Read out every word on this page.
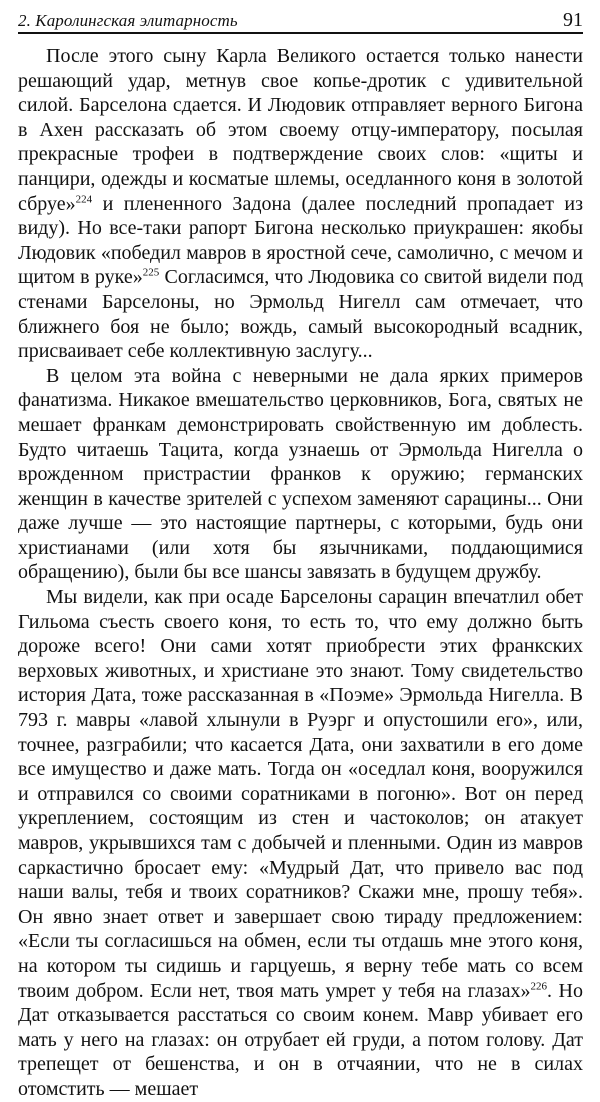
2. Каролингская элитарность	91

После этого сыну Карла Великого остается только нанести решающий удар, метнув свое копье-дротик с удивительной силой. Барселона сдается. И Людовик отправляет верного Бигона в Ахен рассказать об этом своему отцу-императору, посылая прекрасные трофеи в подтверждение своих слов: «щиты и панцири, одежды и косматые шлемы, оседланного коня в золотой сбруе»$^{224}$ и плененного Задона (далее последний пропадает из виду). Но все-таки рапорт Бигона несколько приукрашен: якобы Людовик «победил мавров в яростной сече, самолично, с мечом и щитом в руке»$^{225}$ Согласимся, что Людовика со свитой видели под стенами Барселоны, но Эрмольд Нигелл сам отмечает, что ближнего боя не было; вождь, самый высокородный всадник, присваивает себе коллективную заслугу...

В целом эта война с неверными не дала ярких примеров фанатизма. Никакое вмешательство церковников, Бога, святых не мешает франкам демонстрировать свойственную им доблесть. Будто читаешь Тацита, когда узнаешь от Эрмольда Нигелла о врожденном пристрастии франков к оружию; германских женщин в качестве зрителей с успехом заменяют сарацины... Они даже лучше — это настоящие партнеры, с которыми, будь они христианами (или хотя бы язычниками, поддающимися обращению), были бы все шансы завязать в будущем дружбу.

Мы видели, как при осаде Барселоны сарацин впечатлил обет Гильома съесть своего коня, то есть то, что ему должно быть дороже всего! Они сами хотят приобрести этих франкских верховых животных, и христиане это знают. Тому свидетельство история Дата, тоже рассказанная в «Поэме» Эрмольда Нигелла. В 793 г. мавры «лавой хлынули в Руэрг и опустошили его», или, точнее, разграбили; что касается Дата, они захватили в его доме все имущество и даже мать. Тогда он «оседлал коня, вооружился и отправился со своими соратниками в погоню». Вот он перед укреплением, состоящим из стен и частоколов; он атакует мавров, укрывшихся там с добычей и пленными. Один из мавров саркастично бросает ему: «Мудрый Дат, что привело вас под наши валы, тебя и твоих соратников? Скажи мне, прошу тебя». Он явно знает ответ и завершает свою тираду предложением: «Если ты согласишься на обмен, если ты отдашь мне этого коня, на котором ты сидишь и гарцуешь, я верну тебе мать со всем твоим добром. Если нет, твоя мать умрет у тебя на глазах»$^{226}$. Но Дат отказывается расстаться со своим конем. Мавр убивает его мать у него на глазах: он отрубает ей груди, а потом голову. Дат трепещет от бешенства, и он в отчаянии, что не в силах отомстить — мешает
